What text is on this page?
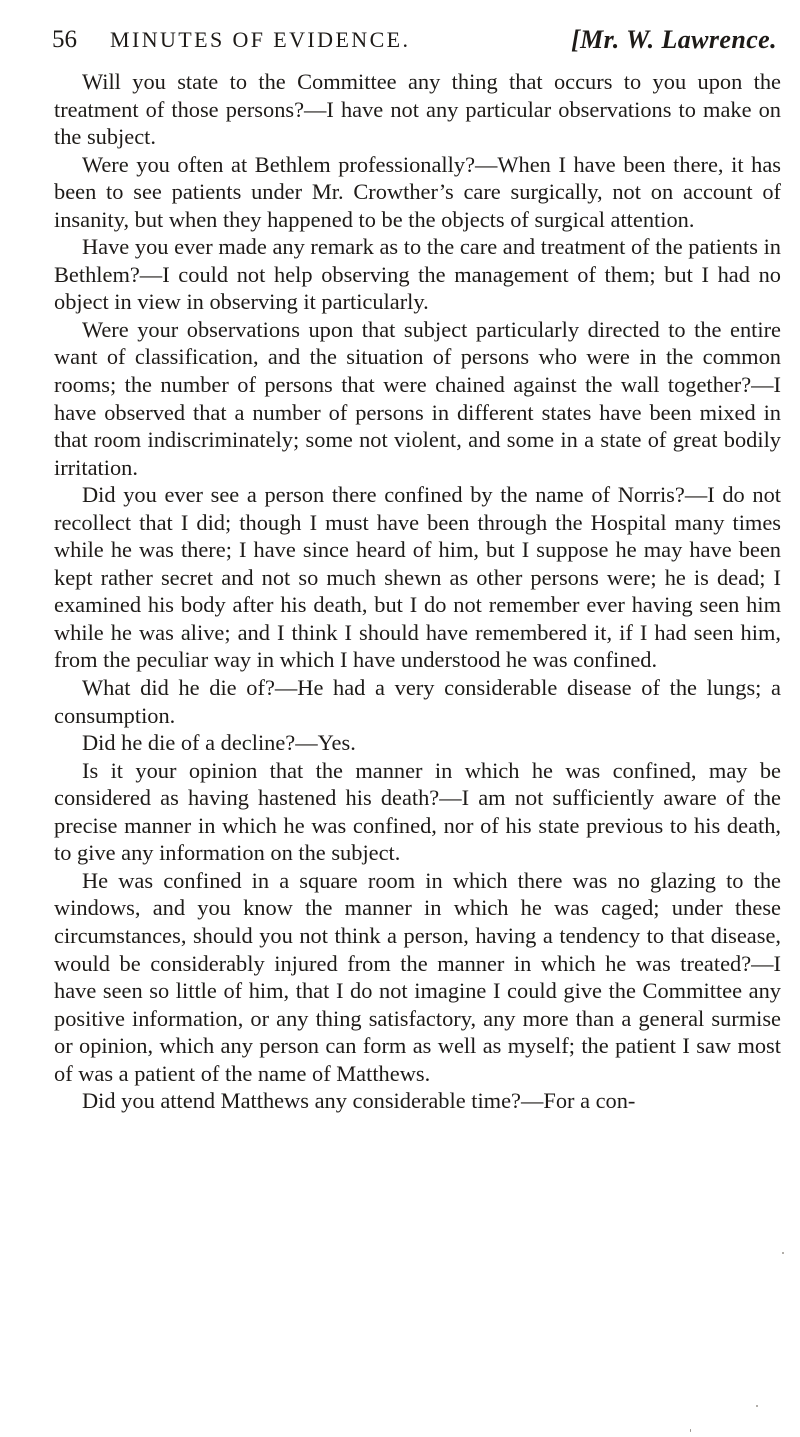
56 MINUTES OF EVIDENCE.	[Mr. W. Lawrence.

Will you state to the Committee any thing that occurs to you upon the treatment of those persons?—I have not any particular observations to make on the subject.

Were you often at Bethlem professionally?—When I have been there, it has been to see patients under Mr. Crowther’s care surgically, not on account of insanity, but when they happened to be the objects of surgical attention.

Have you ever made any remark as to the care and treatment of the patients in Bethlem?—I could not help observing the management of them; but I had no object in view in observing it particularly.

Were your observations upon that subject particularly directed to the entire want of classification, and the situation of persons who were in the common rooms; the number of persons that were chained against the wall together?—I have observed that a number of persons in different states have been mixed in that room indiscriminately; some not violent, and some in a state of great bodily irritation.

Did you ever see a person there confined by the name of Norris?—I do not recollect that I did; though I must have been through the Hospital many times while he was there; I have since heard of him, but I suppose he may have been kept rather secret and not so much shewn as other persons were; he is dead; I examined his body after his death, but I do not remember ever having seen him while he was alive; and I think I should have remembered it, if I had seen him, from the peculiar way in which I have understood he was confined.

What did he die of?—He had a very considerable disease of the lungs; a consumption.

Did he die of a decline?—Yes.

Is it your opinion that the manner in which he was confined, may be considered as having hastened his death?—I am not sufficiently aware of the precise manner in which he was confined, nor of his state previous to his death, to give any information on the subject.

He was confined in a square room in which there was no glazing to the windows, and you know the manner in which he was caged; under these circumstances, should you not think a person, having a tendency to that disease, would be considerably injured from the manner in which he was treated?—I have seen so little of him, that I do not imagine I could give the Committee any positive information, or any thing satisfactory, any more than a general surmise or opinion, which any person can form as well as myself; the patient I saw most of was a patient of the name of Matthews.

Did you attend Matthews any considerable time?—For a con-
